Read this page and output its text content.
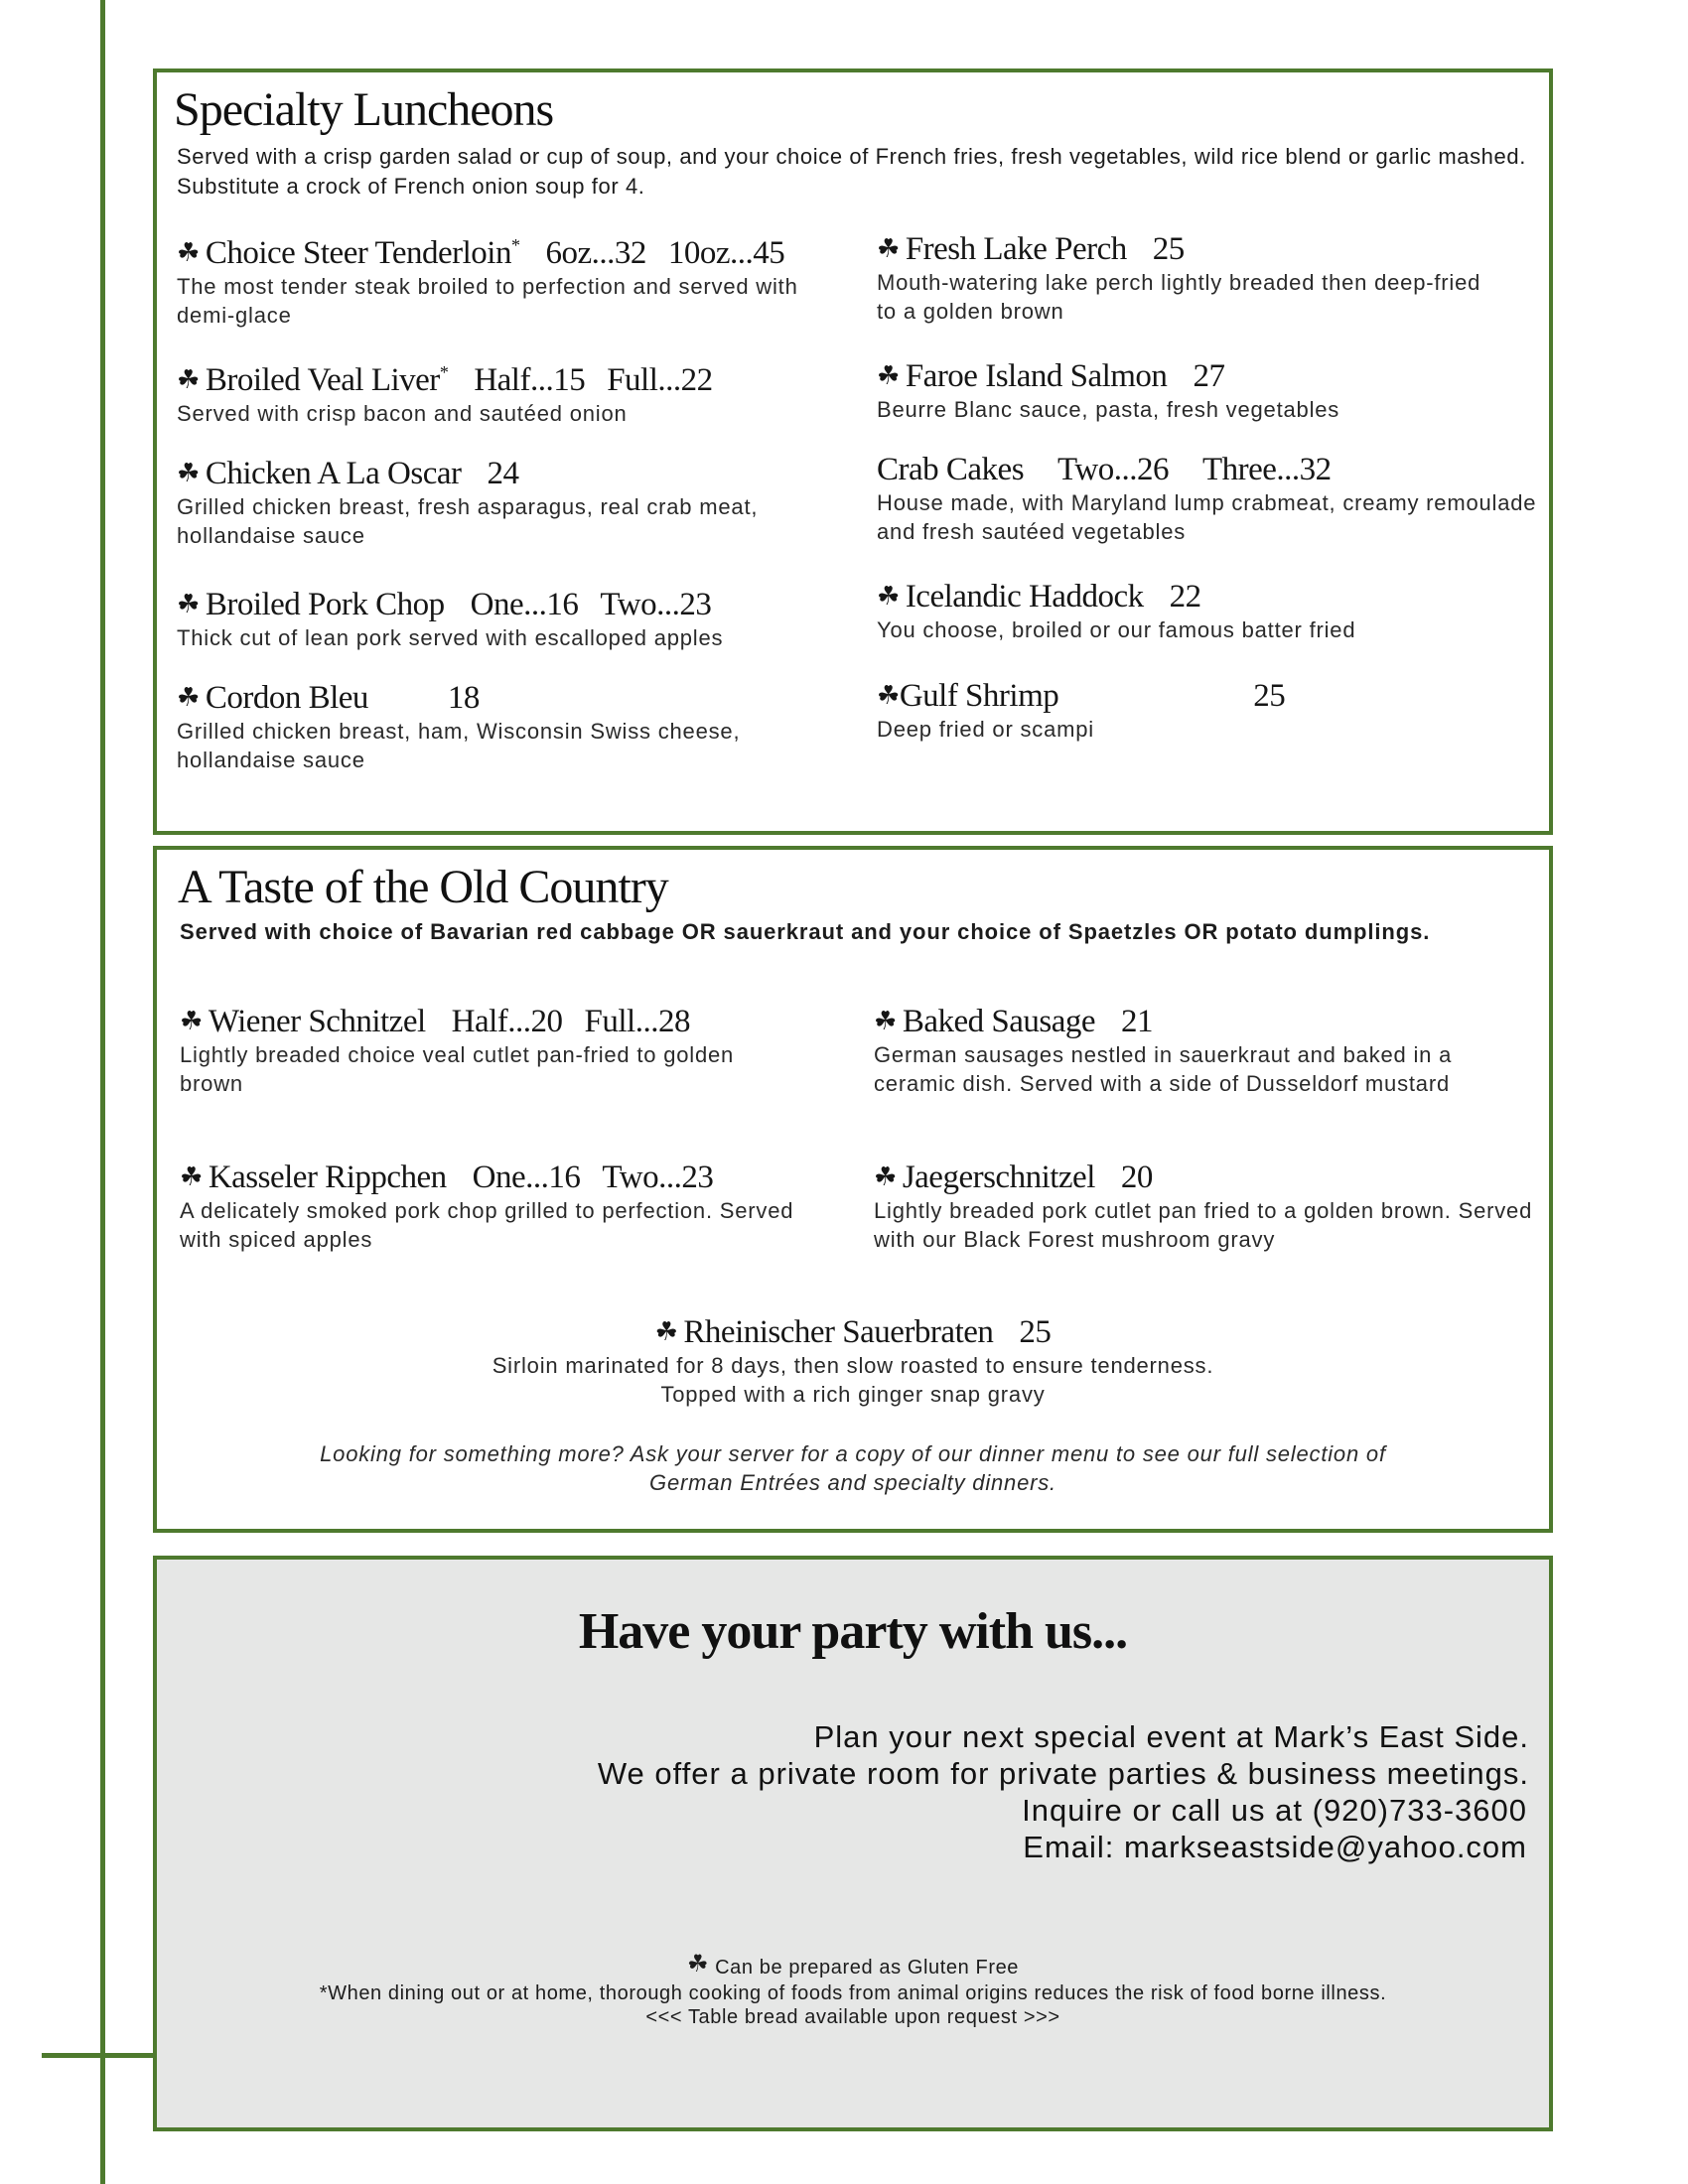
Specialty Luncheons
Served with a crisp garden salad or cup of soup, and your choice of French fries, fresh vegetables, wild rice blend or garlic mashed. Substitute a crock of French onion soup for 4.
☘ Choice Steer Tenderloin* 6oz...32 10oz...45
The most tender steak broiled to perfection and served with demi-glace
☘ Broiled Veal Liver* Half...15 Full...22
Served with crisp bacon and sautéed onion
☘ Chicken A La Oscar 24
Grilled chicken breast, fresh asparagus, real crab meat, hollandaise sauce
☘ Broiled Pork Chop One...16 Two...23
Thick cut of lean pork served with escalloped apples
☘ Cordon Bleu 18
Grilled chicken breast, ham, Wisconsin Swiss cheese, hollandaise sauce
☘ Fresh Lake Perch 25
Mouth-watering lake perch lightly breaded then deep-fried to a golden brown
☘ Faroe Island Salmon 27
Beurre Blanc sauce, pasta, fresh vegetables
Crab Cakes Two...26 Three...32
House made, with Maryland lump crabmeat, creamy remoulade and fresh sautéed vegetables
☘ Icelandic Haddock 22
You choose, broiled or our famous batter fried
☘Gulf Shrimp	25
Deep fried or scampi
A Taste of the Old Country
Served with choice of Bavarian red cabbage OR sauerkraut and your choice of Spaetzles OR potato dumplings.
☘ Wiener Schnitzel Half...20 Full...28
Lightly breaded choice veal cutlet pan-fried to golden brown
☘ Kasseler Rippchen One...16 Two...23
A delicately smoked pork chop grilled to perfection. Served with spiced apples
☘ Baked Sausage 21
German sausages nestled in sauerkraut and baked in a ceramic dish. Served with a side of Dusseldorf mustard
☘ Jaegerschnitzel 20
Lightly breaded pork cutlet pan fried to a golden brown. Served with our Black Forest mushroom gravy
☘ Rheinischer Sauerbraten 25
Sirloin marinated for 8 days, then slow roasted to ensure tenderness.
Topped with a rich ginger snap gravy
Looking for something more? Ask your server for a copy of our dinner menu to see our full selection of
German Entrées and specialty dinners.
Have your party with us...
Plan your next special event at Mark’s East Side.
We offer a private room for private parties & business meetings.
Inquire or call us at (920)733-3600
Email: markseastside@yahoo.com
☘ Can be prepared as Gluten Free
*When dining out or at home, thorough cooking of foods from animal origins reduces the risk of food borne illness.
<<< Table bread available upon request >>>
